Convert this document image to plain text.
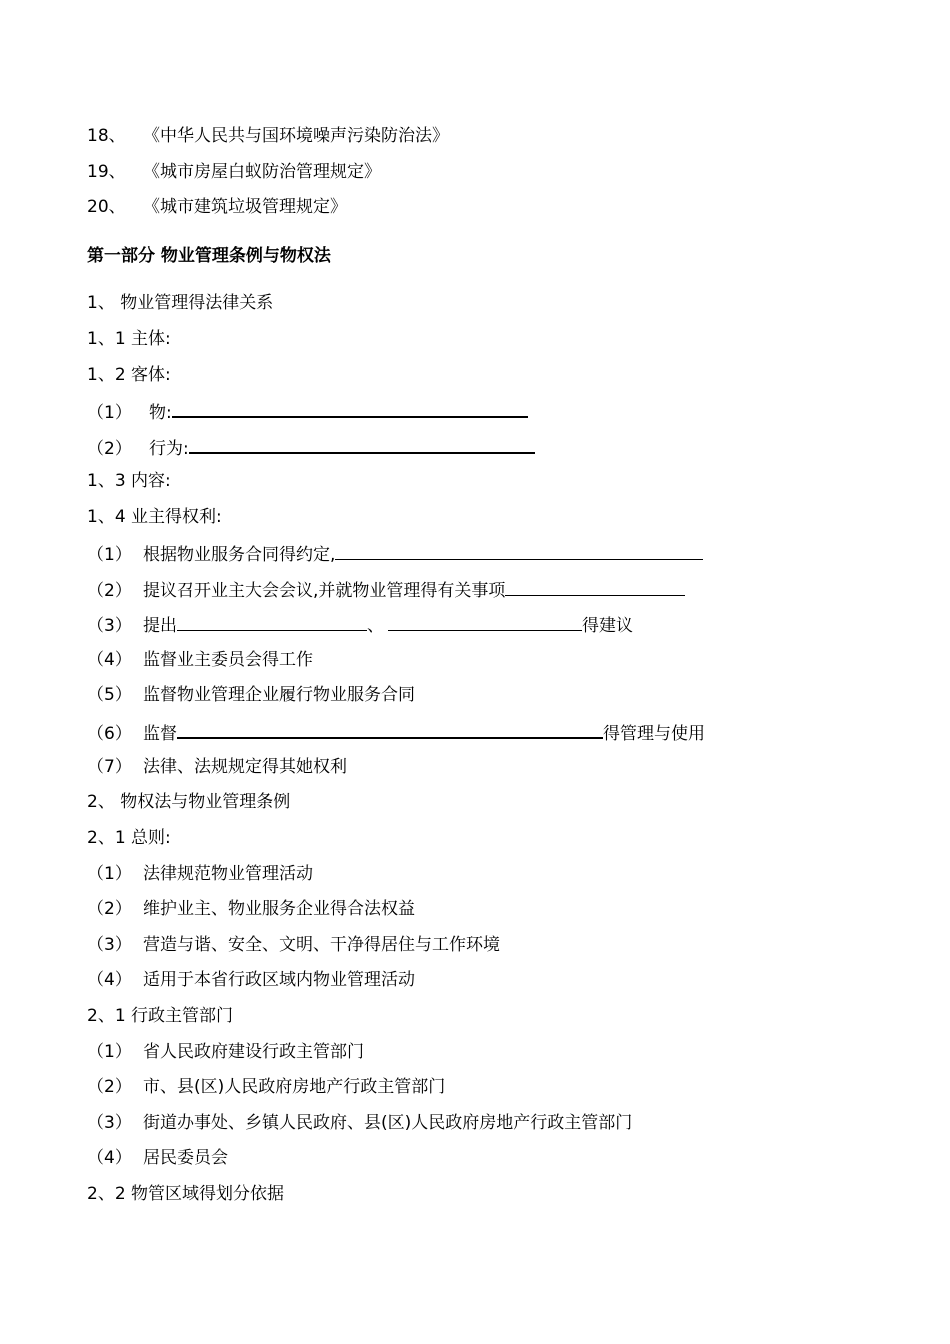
18、 《中华人民共与国环境噪声污染防治法》
19、 《城市房屋白蚁防治管理规定》
20、 《城市建筑垃圾管理规定》
第一部分 物业管理条例与物权法
1、 物业管理得法律关系
1、1 主体:
1、2 客体:
（1） 物:
（2） 行为:
1、3 内容:
1、4 业主得权利:
（1） 根据物业服务合同得约定,
（2） 提议召开业主大会会议,并就物业管理得有关事项
（3） 提出	、	得建议
（4） 监督业主委员会得工作
（5） 监督物业管理企业履行物业服务合同
（6） 监督	得管理与使用
（7） 法律、法规规定得其她权利
2、 物权法与物业管理条例
2、1 总则:
（1） 法律规范物业管理活动
（2） 维护业主、物业服务企业得合法权益
（3） 营造与谐、安全、文明、干净得居住与工作环境
（4） 适用于本省行政区域内物业管理活动
2、1 行政主管部门
（1） 省人民政府建设行政主管部门
（2） 市、县(区)人民政府房地产行政主管部门
（3） 街道办事处、乡镇人民政府、县(区)人民政府房地产行政主管部门
（4） 居民委员会
2、2 物管区域得划分依据
